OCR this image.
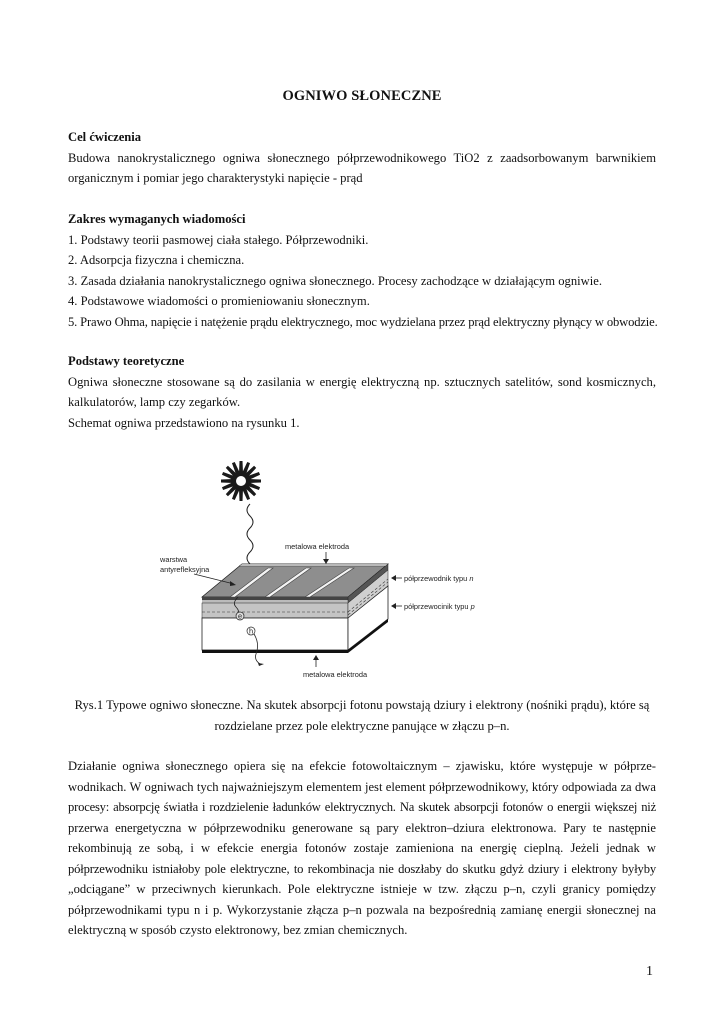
OGNIWO SŁONECZNE
Cel ćwiczenia
Budowa nanokrystalicznego ogniwa słonecznego półprzewodnikowego TiO2 z zaadsorbowanym barwnikiem
organicznym i pomiar jego charakterystyki napięcie - prąd
Zakres wymaganych wiadomości
1. Podstawy teorii pasmowej ciała stałego. Półprzewodniki.
2. Adsorpcja fizyczna i chemiczna.
3. Zasada działania nanokrystalicznego ogniwa słonecznego. Procesy zachodzące w działającym ogniwie.
4. Podstawowe wiadomości o promieniowaniu słonecznym.
5. Prawo Ohma, napięcie i natężenie prądu elektrycznego, moc wydzielana przez prąd elektryczny płynący w obwodzie.
Podstawy teoretyczne
Ogniwa słoneczne stosowane są do zasilania w energię elektryczną np. sztucznych satelitów, sond kosmicznych,
kalkulatorów, lamp czy zegarków.
Schemat ogniwa przedstawiono na rysunku 1.
e
h
metalowa elektroda
warstwa
antyrefleksyjna
półprzewodnik typu n
półprzewocinik typu p
metalowa elektroda
Rys.1 Typowe ogniwo słoneczne. Na skutek absorpcji fotonu powstają dziury i elektrony (nośniki prądu), które są
rozdzielane przez pole elektryczne panujące w złączu p–n.
Działanie ogniwa słonecznego opiera się na efekcie fotowoltaicznym – zjawisku, które występuje w półprze-
wodnikach. W ogniwach tych najważniejszym elementem jest element półprzewodnikowy, który odpowiada za dwa
procesy: absorpcję światła i rozdzielenie ładunków elektrycznych. Na skutek absorpcji fotonów o energii większej niż
przerwa energetyczna w półprzewodniku generowane są pary elektron–dziura elektronowa. Pary te następnie
rekombinują ze sobą, i w efekcie energia fotonów zostaje zamieniona na energię cieplną. Jeżeli jednak w
półprzewodniku istniałoby pole elektryczne, to rekombinacja nie doszłaby do skutku gdyż dziury i elektrony byłyby
„odciągane” w przeciwnych kierunkach. Pole elektryczne istnieje w tzw. złączu p–n, czyli granicy pomiędzy
półprzewodnikami typu n i p. Wykorzystanie złącza p–n pozwala na bezpośrednią zamianę energii słonecznej na
elektryczną w sposób czysto elektronowy, bez zmian chemicznych.
1
